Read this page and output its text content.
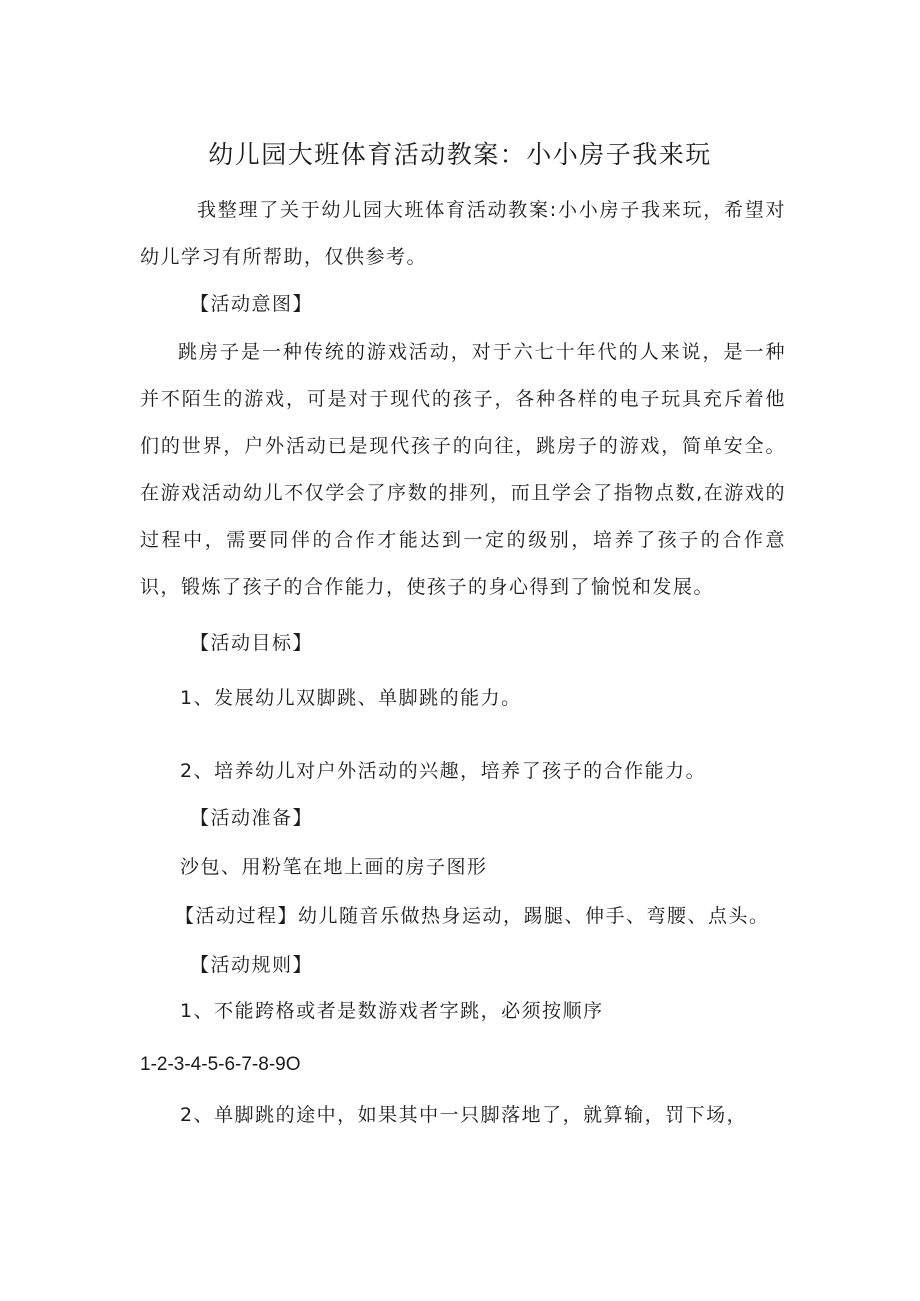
幼儿园大班体育活动教案：小小房子我来玩

我整理了关于幼儿园大班体育活动教案:小小房子我来玩，希望对幼儿学习有所帮助，仅供参考。

【活动意图】

跳房子是一种传统的游戏活动，对于六七十年代的人来说，是一种并不陌生的游戏，可是对于现代的孩子，各种各样的电子玩具充斥着他们的世界，户外活动已是现代孩子的向往，跳房子的游戏，简单安全。在游戏活动幼儿不仅学会了序数的排列，而且学会了指物点数,在游戏的过程中，需要同伴的合作才能达到一定的级别，培养了孩子的合作意识，锻炼了孩子的合作能力，使孩子的身心得到了愉悦和发展。

【活动目标】
1、发展幼儿双脚跳、单脚跳的能力。
2、培养幼儿对户外活动的兴趣，培养了孩子的合作能力。
【活动准备】
沙包、用粉笔在地上画的房子图形
【活动过程】幼儿随音乐做热身运动，踢腿、伸手、弯腰、点头。
【活动规则】
1、不能跨格或者是数游戏者字跳，必须按顺序
1-2-3-4-5-6-7-8-9O
2、单脚跳的途中，如果其中一只脚落地了，就算输，罚下场，
